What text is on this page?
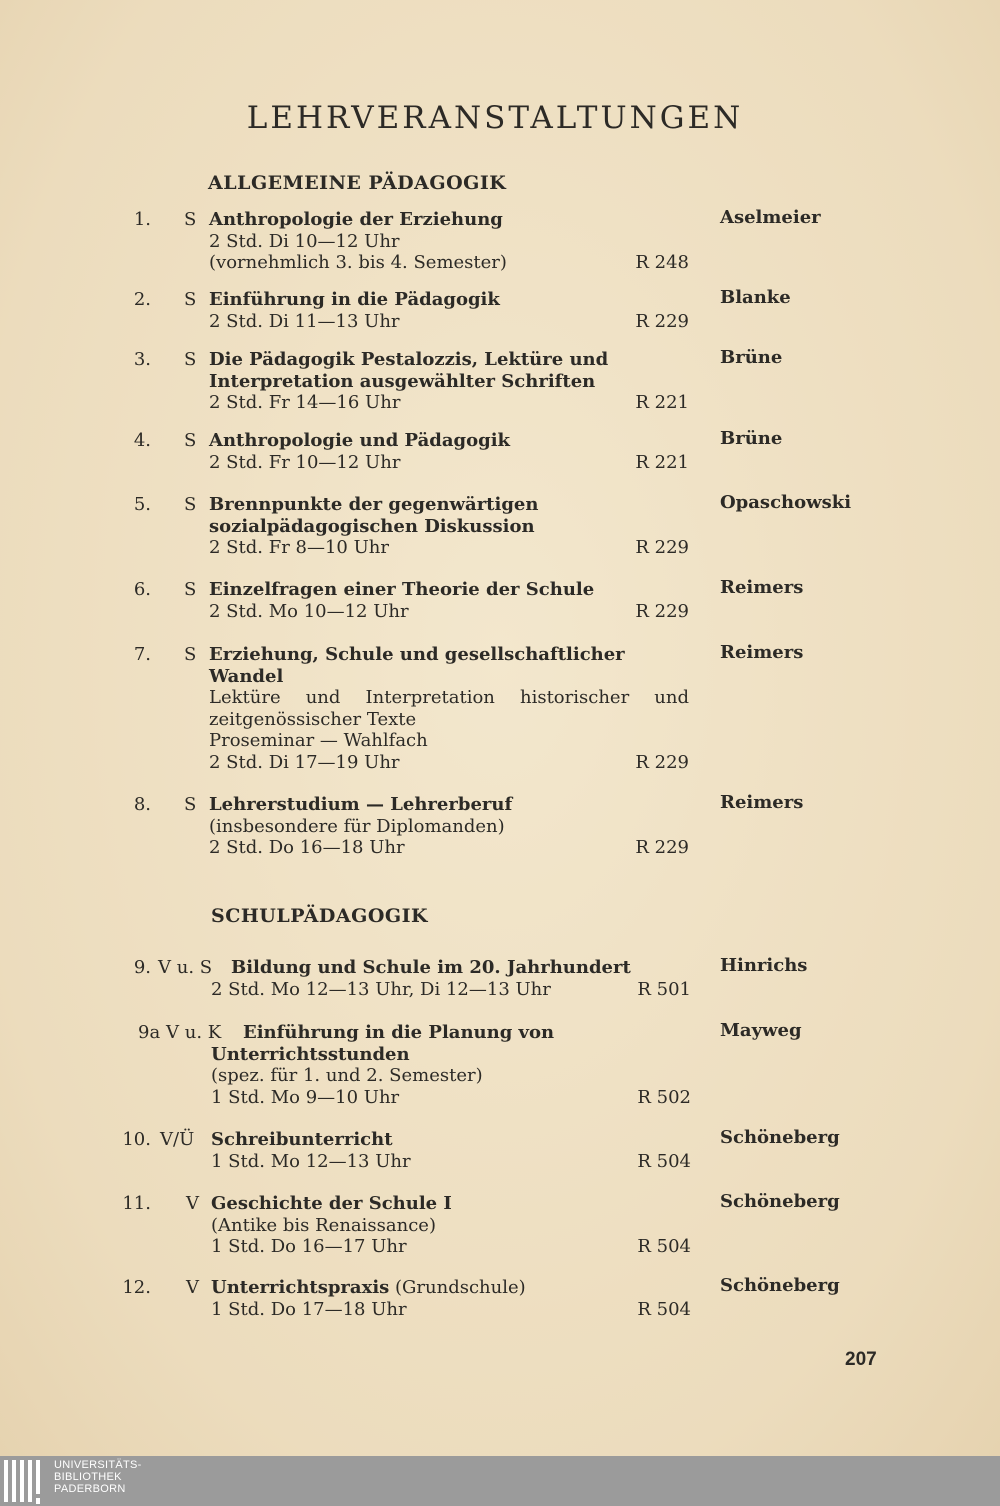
LEHRVERANSTALTUNGEN
ALLGEMEINE PÄDAGOGIK
1. S Anthropologie der Erziehung
2 Std. Di 10—12 Uhr
(vornehmlich 3. bis 4. Semester)	R 248
Aselmeier
2. S Einführung in die Pädagogik
2 Std. Di 11—13 Uhr	R 229
Blanke
3. S Die Pädagogik Pestalozzis, Lektüre und
Interpretation ausgewählter Schriften
2 Std. Fr 14—16 Uhr	R 221
Brüne
4. S Anthropologie und Pädagogik
2 Std. Fr 10—12 Uhr	R 221
Brüne
5. S Brennpunkte der gegenwärtigen
sozialpädagogischen Diskussion
2 Std. Fr 8—10 Uhr	R 229
Opaschowski
6. S Einzelfragen einer Theorie der Schule
2 Std. Mo 10—12 Uhr	R 229
Reimers
7. S Erziehung, Schule und gesellschaftlicher
Wandel
Lektüre und Interpretation historischer und
zeitgenössischer Texte
Proseminar — Wahlfach
2 Std. Di 17—19 Uhr	R 229
Reimers
8. S Lehrerstudium — Lehrerberuf
(insbesondere für Diplomanden)
2 Std. Do 16—18 Uhr	R 229
Reimers
SCHULPÄDAGOGIK
9. V u. S Bildung und Schule im 20. Jahrhundert
2 Std. Mo 12—13 Uhr, Di 12—13 Uhr	R 501
Hinrichs
9a V u. K	Einführung in die Planung von
Unterrichtsstunden
(spez. für 1. und 2. Semester)
1 Std. Mo 9—10 Uhr	R 502
Mayweg
10. V/Ü Schreibunterricht
1 Std. Mo 12—13 Uhr	R 504
Schöneberg
11. V Geschichte der Schule I
(Antike bis Renaissance)
1 Std. Do 16—17 Uhr	R 504
Schöneberg
12. V Unterrichtspraxis (Grundschule)
1 Std. Do 17—18 Uhr	R 504
Schöneberg
207
UNIVERSITÄTS-
BIBLIOTHEK
PADERBORN
